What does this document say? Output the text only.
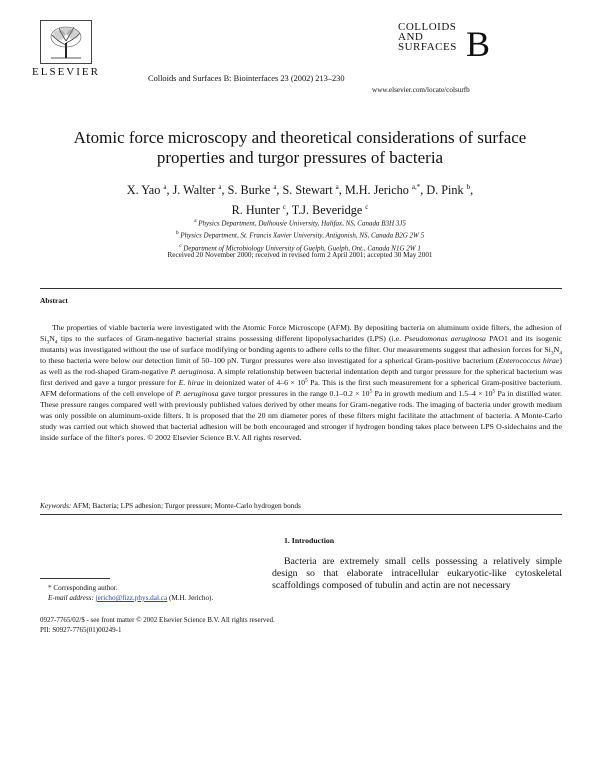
ELSEVIER
Colloids and Surfaces B: Biointerfaces 23 (2002) 213–230
COLLOIDS
AND
SURFACES B
www.elsevier.com/locate/colsurfb
Atomic force microscopy and theoretical considerations of surface properties and turgor pressures of bacteria
X. Yao $^a$, J. Walter $^a$, S. Burke $^a$, S. Stewart $^a$, M.H. Jericho $^{a,*}$, D. Pink $^b$,
R. Hunter $^c$, T.J. Beveridge $^c$
$^a$ Physics Department, Dalhousie University, Halifax, NS, Canada B3H 3J5
$^b$ Physics Department, St. Francis Xavier University, Antigonish, NS, Canada B2G 2W 5
$^c$ Department of Microbiology University of Guelph, Guelph, Ont., Canada N1G 2W 1
Received 20 November 2000; received in revised form 2 April 2001; accepted 30 May 2001
Abstract
The properties of viable bacteria were investigated with the Atomic Force Microscope (AFM). By depositing bacteria on aluminum oxide filters, the adhesion of $Si_3N_4$ tips to the surfaces of Gram-negative bacterial strains possessing different lipopolysacharides (LPS) (i.e. Pseudomonas aeruginosa PAO1 and its isogenic mutants) was investigated without the use of surface modifying or bonding agents to adhere cells to the filter. Our measurements suggest that adhesion forces for $Si_3N_4$ to these bacteria were below our detection limit of 50–100 pN. Turgor pressures were also investigated for a spherical Gram-positive bacterium (Enterococcus hirae) as well as the rod-shaped Gram-negative P. aeruginosa. A simple relationship between bacterial indentation depth and turgor pressure for the spherical bacterium was first derived and gave a turgor pressure for E. hirae in deionized water of $4-6 \times 10^5$ Pa. This is the first such measurement for a spherical Gram-positive bacterium. AFM deformations of the cell envelope of P. aeruginosa gave turgor pressures in the range $0.1-0.2 \times 10^5$ Pa in growth medium and $1.5-4 \times 10^5$ Pa in distilled water. These pressure ranges compared well with previously published values derived by other means for Gram-negative rods. The imaging of bacteria under growth medium was only possible on aluminum-oxide filters. It is proposed that the 20 nm diameter pores of these filters might facilitate the attachment of bacteria. A Monte-Carlo study was carried out which showed that bacterial adhesion will be both encouraged and stronger if hydrogen bonding takes place between LPS O-sidechains and the inside surface of the filter's pores. © 2002 Elsevier Science B.V. All rights reserved.
Keywords: AFM; Bacteria; LPS adhesion; Turgor pressure; Monte-Carlo hydrogen bonds
1. Introduction
Bacteria are extremely small cells possessing a relatively simple design so that elaborate intracellular eukaryotic-like cytoskeletal scaffoldings composed of tubulin and actin are not necessary
* Corresponding author.
E-mail address: jericho@fizz.phys.dal.ca (M.H. Jericho).
0927-7765/02/$ - see front matter © 2002 Elsevier Science B.V. All rights reserved.
PII: S0927-7765(01)00249-1
